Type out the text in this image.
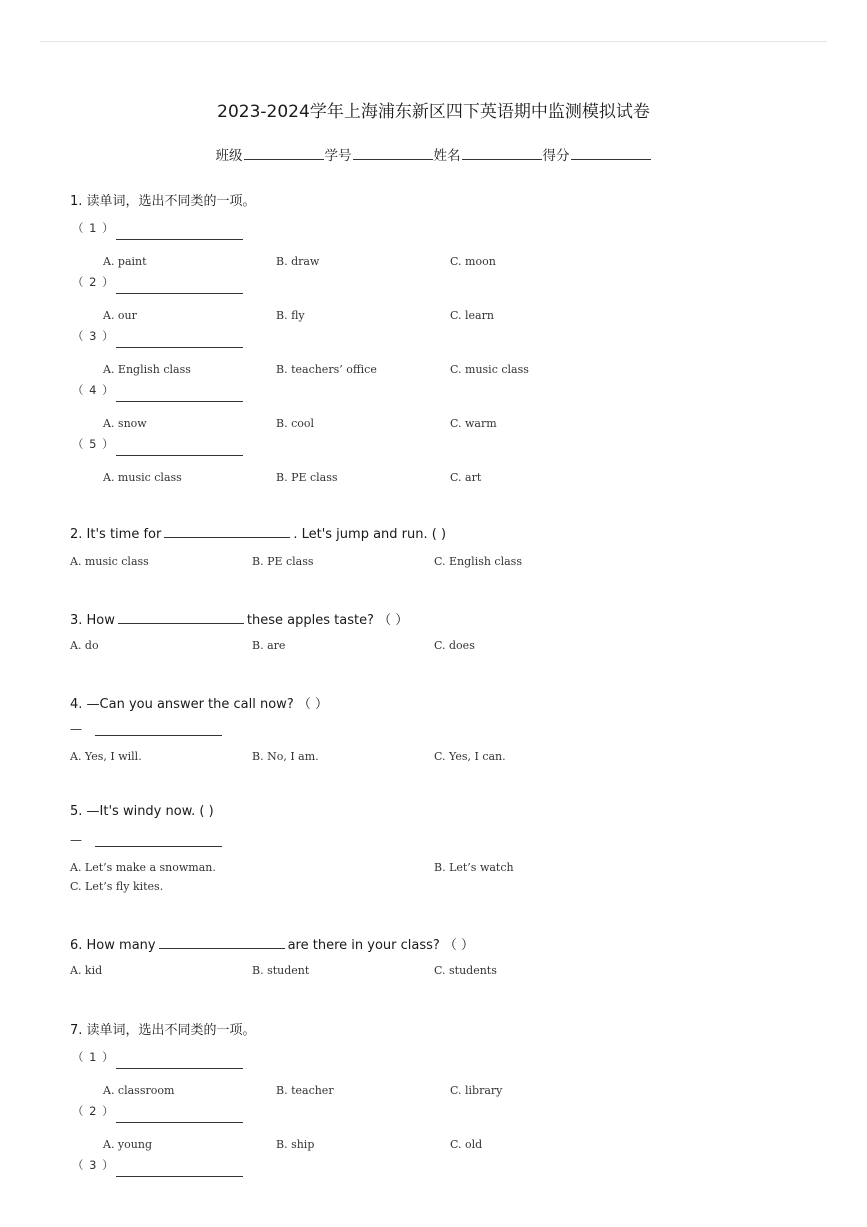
2023-2024学年上海浦东新区四下英语期中监测模拟试卷
班级	学号	姓名	得分
1. 读单词，选出不同类的一项。
（ 1 ）
A. paint	B. draw	C. moon
（ 2 ）
A. our	B. fly	C. learn
（ 3 ）
A. English class	B. teachers’ office	C. music class
（ 4 ）
A. snow	B. cool	C. warm
（ 5 ）
A. music class	B. PE class	C. art
2. It's time for	. Let's jump and run. ( )
A. music class	B. PE class	C. English class
3. How	these apples taste? （ ）
A. do	B. are	C. does
4. —Can you answer the call now? （ ）
—
A. Yes, I will.	B. No, I am.	C. Yes, I can.
5. —It's windy now. ( )
—
A. Let’s make a snowman.	B. Let’s watch
C. Let’s fly kites.
6. How many	are there in your class? （ ）
A. kid	B. student	C. students
7. 读单词，选出不同类的一项。
（ 1 ）
A. classroom	B. teacher	C. library
（ 2 ）
A. young	B. ship	C. old
（ 3 ）
